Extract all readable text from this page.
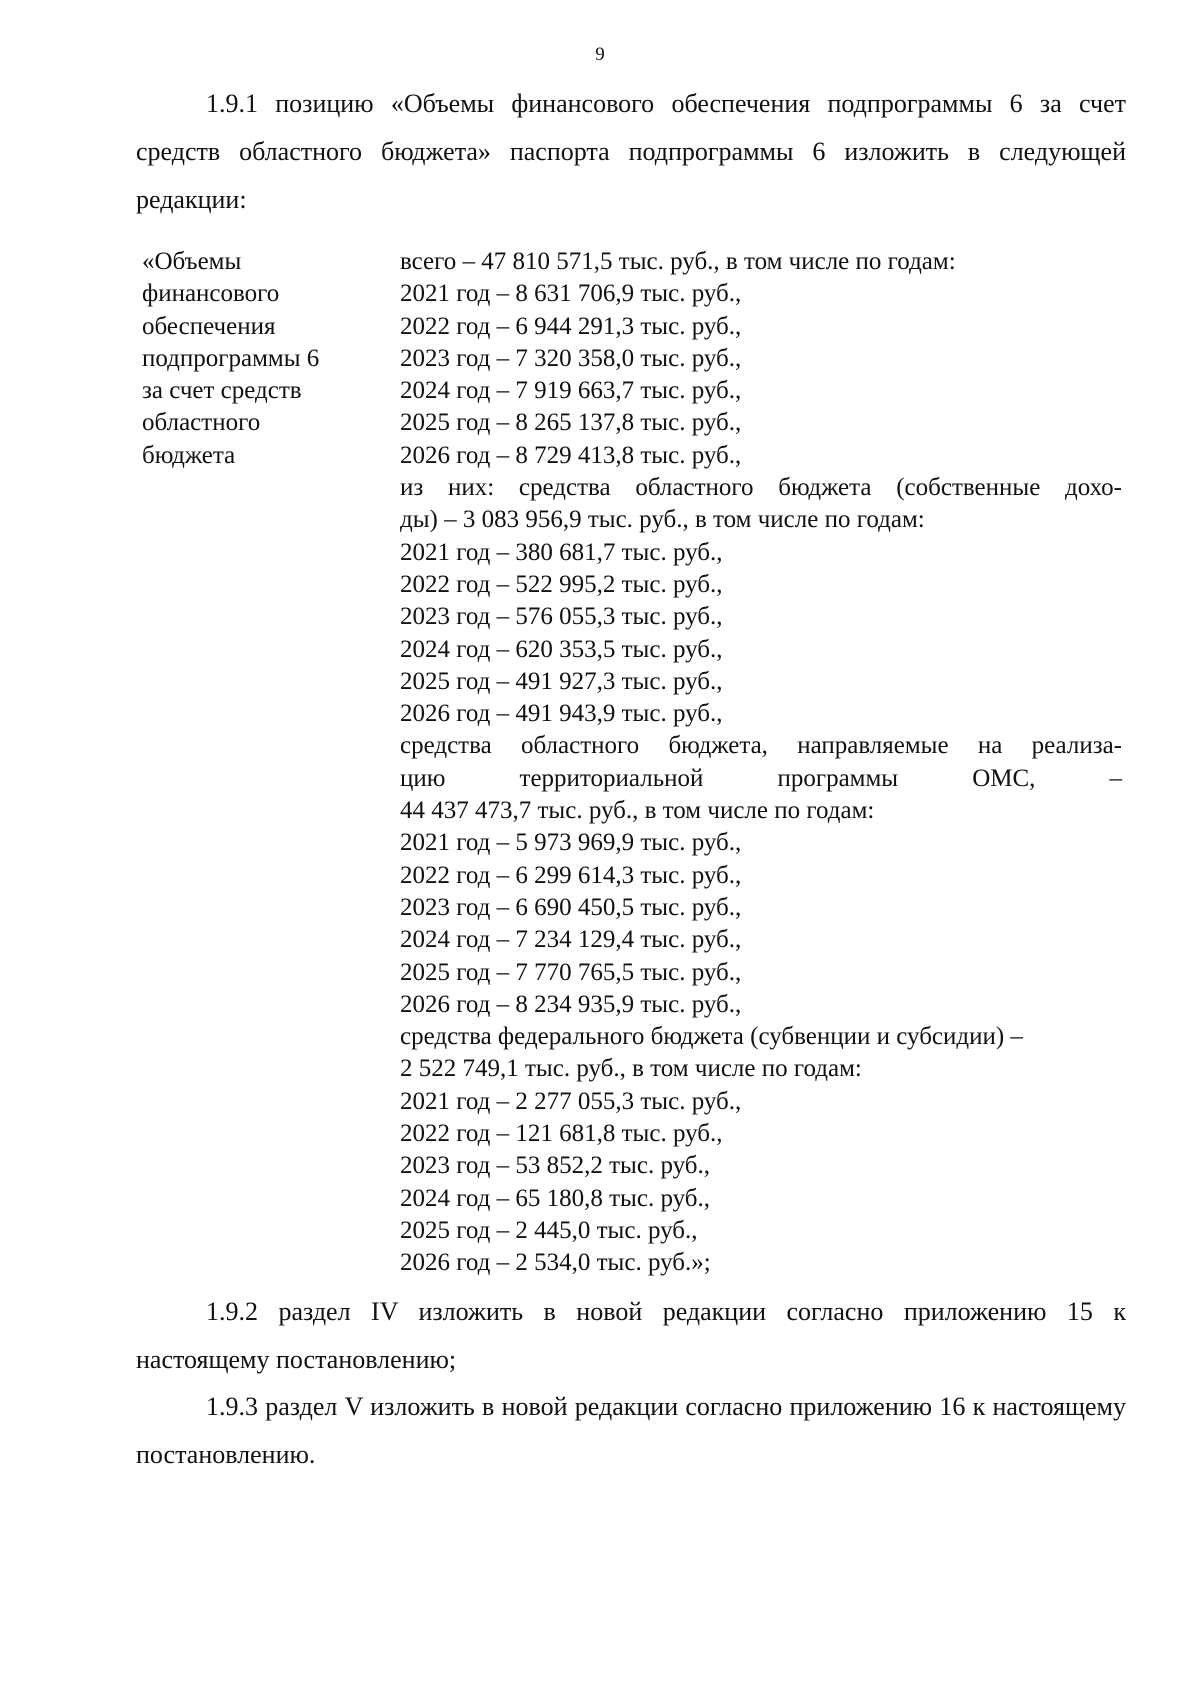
9

1.9.1 позицию «Объемы финансового обеспечения подпрограммы 6 за счет средств областного бюджета» паспорта подпрограммы 6 изложить в следующей редакции:

«Объемы
финансового
обеспечения
подпрограммы 6
за счет средств
областного
бюджета
всего – 47 810 571,5 тыс. руб., в том числе по годам:
2021 год – 8 631 706,9 тыс. руб.,
2022 год – 6 944 291,3 тыс. руб.,
2023 год – 7 320 358,0 тыс. руб.,
2024 год – 7 919 663,7 тыс. руб.,
2025 год – 8 265 137,8 тыс. руб.,
2026 год – 8 729 413,8 тыс. руб.,
из них: средства областного бюджета (собственные дохо-
ды) – 3 083 956,9 тыс. руб., в том числе по годам:
2021 год – 380 681,7 тыс. руб.,
2022 год – 522 995,2 тыс. руб.,
2023 год – 576 055,3 тыс. руб.,
2024 год – 620 353,5 тыс. руб.,
2025 год – 491 927,3 тыс. руб.,
2026 год – 491 943,9 тыс. руб.,
средства областного бюджета, направляемые на реализа-
цию территориальной программы ОМС, –
44 437 473,7 тыс. руб., в том числе по годам:
2021 год – 5 973 969,9 тыс. руб.,
2022 год – 6 299 614,3 тыс. руб.,
2023 год – 6 690 450,5 тыс. руб.,
2024 год – 7 234 129,4 тыс. руб.,
2025 год – 7 770 765,5 тыс. руб.,
2026 год – 8 234 935,9 тыс. руб.,
средства федерального бюджета (субвенции и субсидии) –
2 522 749,1 тыс. руб., в том числе по годам:
2021 год – 2 277 055,3 тыс. руб.,
2022 год – 121 681,8 тыс. руб.,
2023 год – 53 852,2 тыс. руб.,
2024 год – 65 180,8 тыс. руб.,
2025 год – 2 445,0 тыс. руб.,
2026 год – 2 534,0 тыс. руб.»;

1.9.2 раздел IV изложить в новой редакции согласно приложению 15 к настоящему постановлению;

1.9.3 раздел V изложить в новой редакции согласно приложению 16 к настоящему постановлению.
